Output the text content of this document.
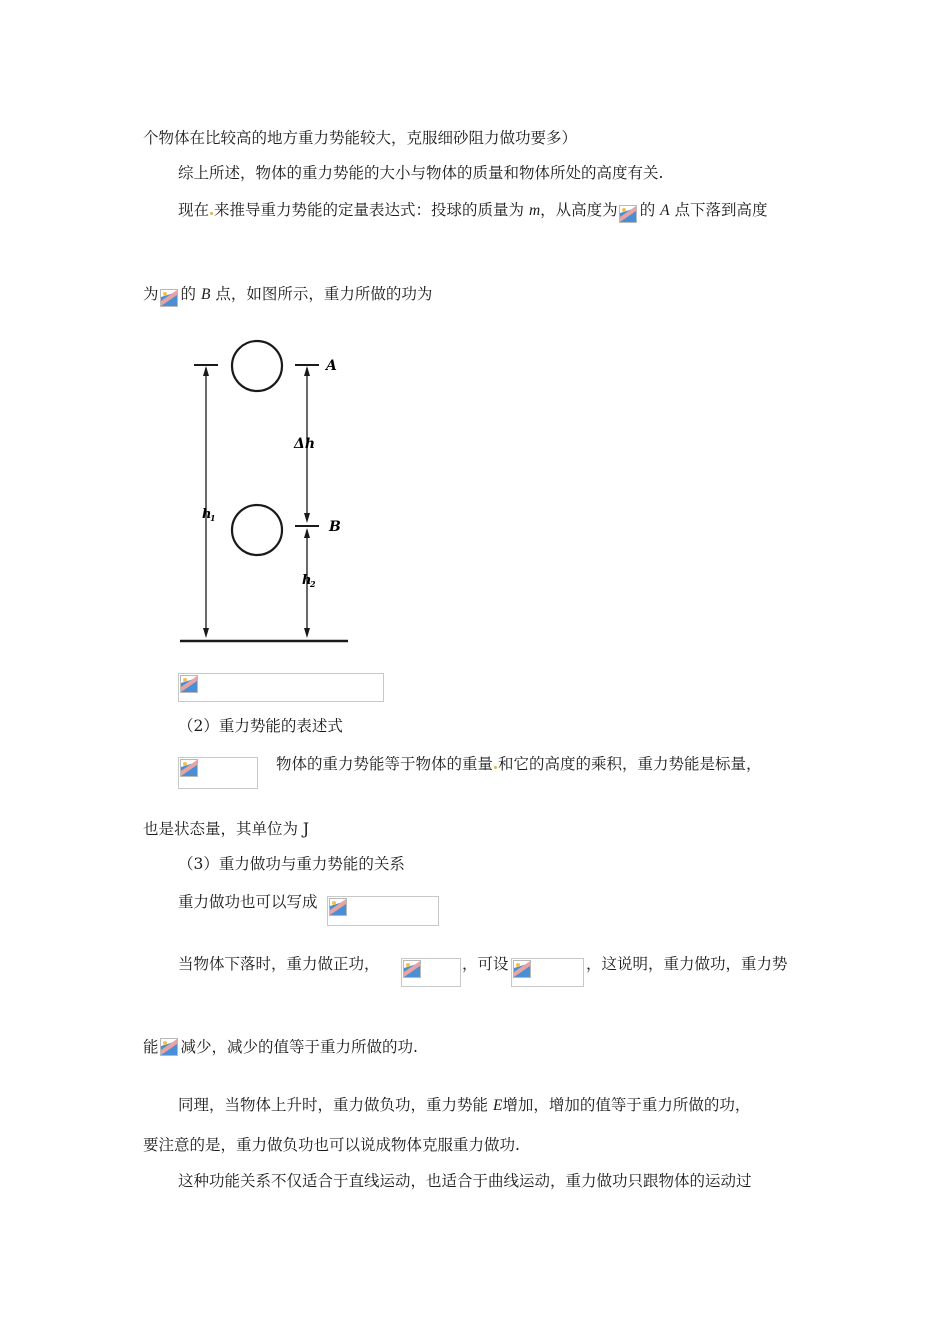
个物体在比较高的地方重力势能较大，克服细砂阻力做功要多）
综上所述，物体的重力势能的大小与物体的质量和物体所处的高度有关.
现在 来推导重力势能的定量表达式：投球的质量为 m，从高度为 的 A 点下落到高度
为 的 B 点，如图所示，重力所做的功为
A
B
Δh
h
1
h
2
（2）重力势能的表述式
物体的重力势能等于物体的重量 和它的高度的乘积，重力势能是标量，
也是状态量，其单位为 J
（3）重力做功与重力势能的关系
重力做功也可以写成
当物体下落时，重力做正功，	，可设	，这说明，重力做功，重力势
能 减少，减少的值等于重力所做的功.
同理，当物体上升时，重力做负功，重力势能 E增加，增加的值等于重力所做的功，
要注意的是，重力做负功也可以说成物体克服重力做功.
这种功能关系不仅适合于直线运动，也适合于曲线运动，重力做功只跟物体的运动过
